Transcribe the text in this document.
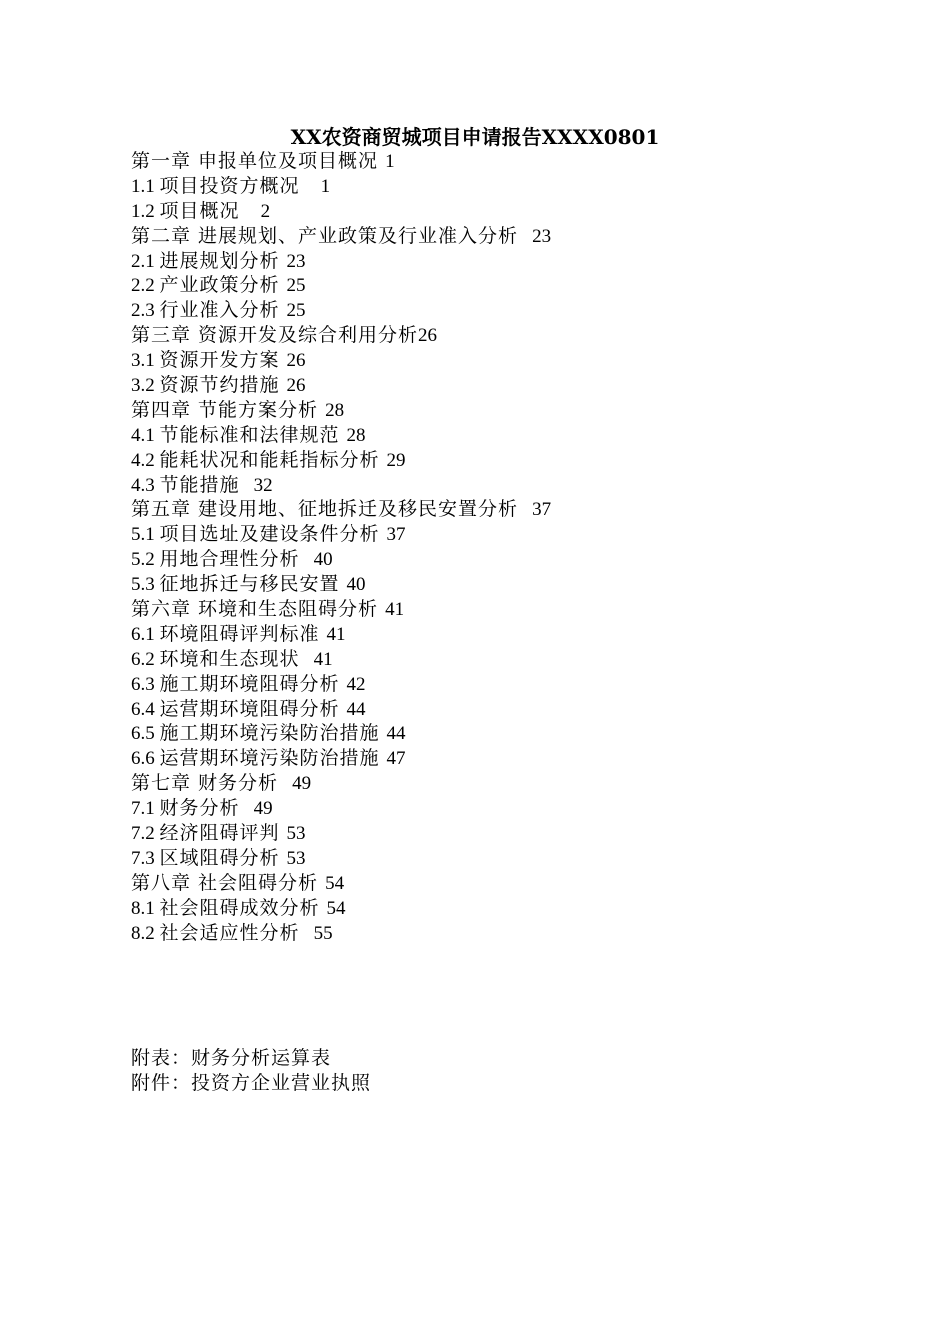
XX农资商贸城项目申请报告XXXX0801
第一章 申报单位及项目概况 1
1.1 项目投资方概况   1
1.2 项目概况   2
第二章 进展规划、产业政策及行业准入分析  23
2.1 进展规划分析 23
2.2 产业政策分析 25
2.3 行业准入分析 25
第三章 资源开发及综合利用分析26
3.1 资源开发方案 26
3.2 资源节约措施 26
第四章 节能方案分析 28
4.1 节能标准和法律规范 28
4.2 能耗状况和能耗指标分析 29
4.3 节能措施  32
第五章 建设用地、征地拆迁及移民安置分析  37
5.1 项目选址及建设条件分析 37
5.2 用地合理性分析  40
5.3 征地拆迁与移民安置 40
第六章 环境和生态阻碍分析 41
6.1 环境阻碍评判标准 41
6.2 环境和生态现状  41
6.3 施工期环境阻碍分析 42
6.4 运营期环境阻碍分析 44
6.5 施工期环境污染防治措施 44
6.6 运营期环境污染防治措施 47
第七章 财务分析  49
7.1 财务分析  49
7.2 经济阻碍评判 53
7.3 区域阻碍分析 53
第八章 社会阻碍分析 54
8.1 社会阻碍成效分析 54
8.2 社会适应性分析  55
附表：财务分析运算表
附件：投资方企业营业执照
